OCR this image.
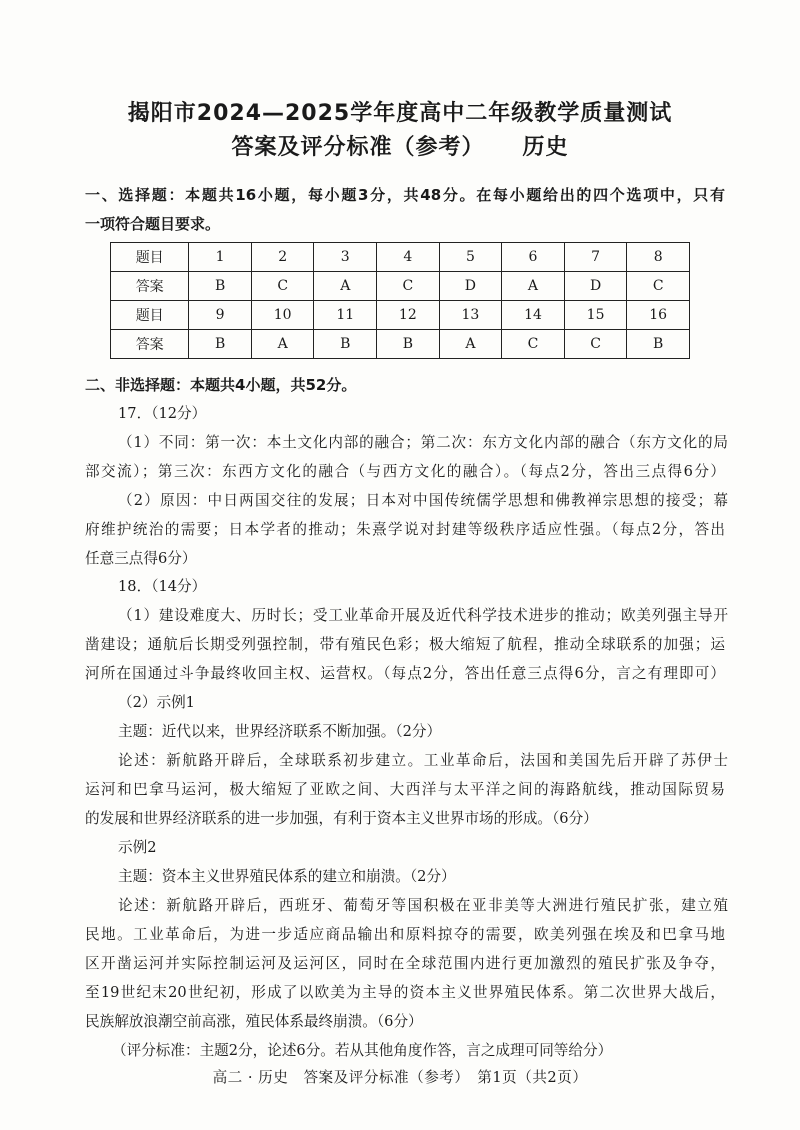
揭阳市2024—2025学年度高中二年级教学质量测试
答案及评分标准（参考） 历史
一、选择题：本题共16小题，每小题3分，共48分。在每小题给出的四个选项中，只有
一项符合题目要求。
题目	1	2	3	4	5	6	7	8
答案	B	C	A	C	D	A	D	C
题目	9	10	11	12	13	14	15	16
答案	B	A	B	B	A	C	C	B
二、非选择题：本题共4小题，共52分。
17．（12分）
（1）不同：第一次：本土文化内部的融合；第二次：东方文化内部的融合（东方文化的局
部交流）；第三次：东西方文化的融合（与西方文化的融合）。（每点2分，答出三点得6分）
（2）原因：中日两国交往的发展；日本对中国传统儒学思想和佛教禅宗思想的接受；幕
府维护统治的需要；日本学者的推动；朱熹学说对封建等级秩序适应性强。（每点2分，答出
任意三点得6分）
18．（14分）
（1）建设难度大、历时长；受工业革命开展及近代科学技术进步的推动；欧美列强主导开
凿建设；通航后长期受列强控制，带有殖民色彩；极大缩短了航程，推动全球联系的加强；运
河所在国通过斗争最终收回主权、运营权。（每点2分，答出任意三点得6分，言之有理即可）
（2）示例1
主题：近代以来，世界经济联系不断加强。（2分）
论述：新航路开辟后，全球联系初步建立。工业革命后，法国和美国先后开辟了苏伊士
运河和巴拿马运河，极大缩短了亚欧之间、大西洋与太平洋之间的海路航线，推动国际贸易
的发展和世界经济联系的进一步加强，有利于资本主义世界市场的形成。（6分）
示例2
主题：资本主义世界殖民体系的建立和崩溃。（2分）
论述：新航路开辟后，西班牙、葡萄牙等国积极在亚非美等大洲进行殖民扩张，建立殖
民地。工业革命后，为进一步适应商品输出和原料掠夺的需要，欧美列强在埃及和巴拿马地
区开凿运河并实际控制运河及运河区，同时在全球范围内进行更加激烈的殖民扩张及争夺，
至19世纪末20世纪初，形成了以欧美为主导的资本主义世界殖民体系。第二次世界大战后，
民族解放浪潮空前高涨，殖民体系最终崩溃。（6分）
（评分标准：主题2分，论述6分。若从其他角度作答，言之成理可同等给分）
高二 · 历史　答案及评分标准（参考）　第1页（共2页）
